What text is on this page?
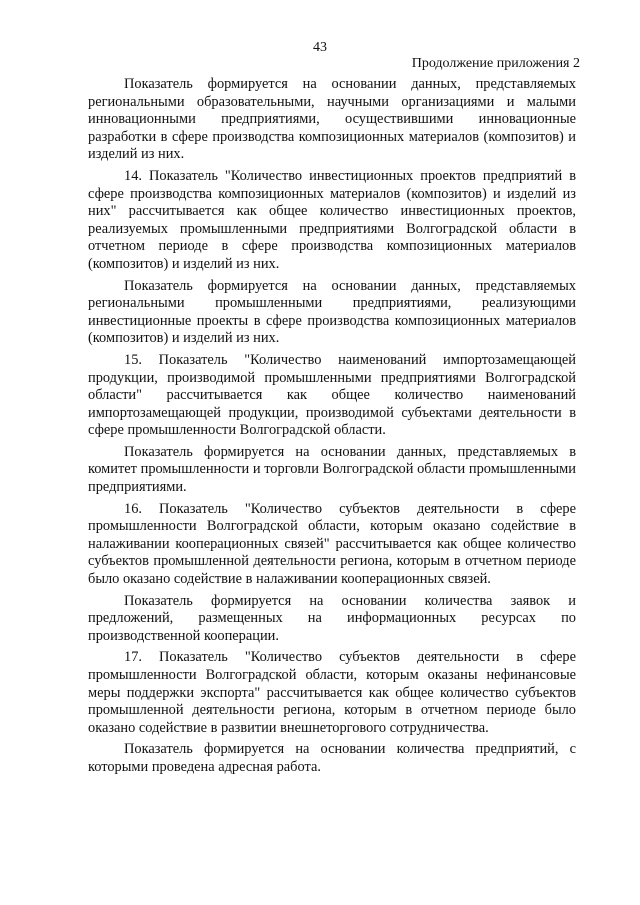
43
Продолжение приложения 2

Показатель формируется на основании данных, представляемых региональными образовательными, научными организациями и малыми инновационными предприятиями, осуществившими инновационные разработки в сфере производства композиционных материалов (композитов) и изделий из них.

14. Показатель "Количество инвестиционных проектов предприятий в сфере производства композиционных материалов (композитов) и изделий из них" рассчитывается как общее количество инвестиционных проектов, реализуемых промышленными предприятиями Волгоградской области в отчетном периоде в сфере производства композиционных материалов (композитов) и изделий из них.

Показатель формируется на основании данных, представляемых региональными промышленными предприятиями, реализующими инвестиционные проекты в сфере производства композиционных материалов (композитов) и изделий из них.

15. Показатель "Количество наименований импортозамещающей продукции, производимой промышленными предприятиями Волгоградской области" рассчитывается как общее количество наименований импортозамещающей продукции, производимой субъектами деятельности в сфере промышленности Волгоградской области.

Показатель формируется на основании данных, представляемых в комитет промышленности и торговли Волгоградской области промышленными предприятиями.

16. Показатель "Количество субъектов деятельности в сфере промышленности Волгоградской области, которым оказано содействие в налаживании кооперационных связей" рассчитывается как общее количество субъектов промышленной деятельности региона, которым в отчетном периоде было оказано содействие в налаживании кооперационных связей.

Показатель формируется на основании количества заявок и предложений, размещенных на информационных ресурсах по производственной кооперации.

17. Показатель "Количество субъектов деятельности в сфере промышленности Волгоградской области, которым оказаны нефинансовые меры поддержки экспорта" рассчитывается как общее количество субъектов промышленной деятельности региона, которым в отчетном периоде было оказано содействие в развитии внешнеторгового сотрудничества.

Показатель формируется на основании количества предприятий, с которыми проведена адресная работа.
